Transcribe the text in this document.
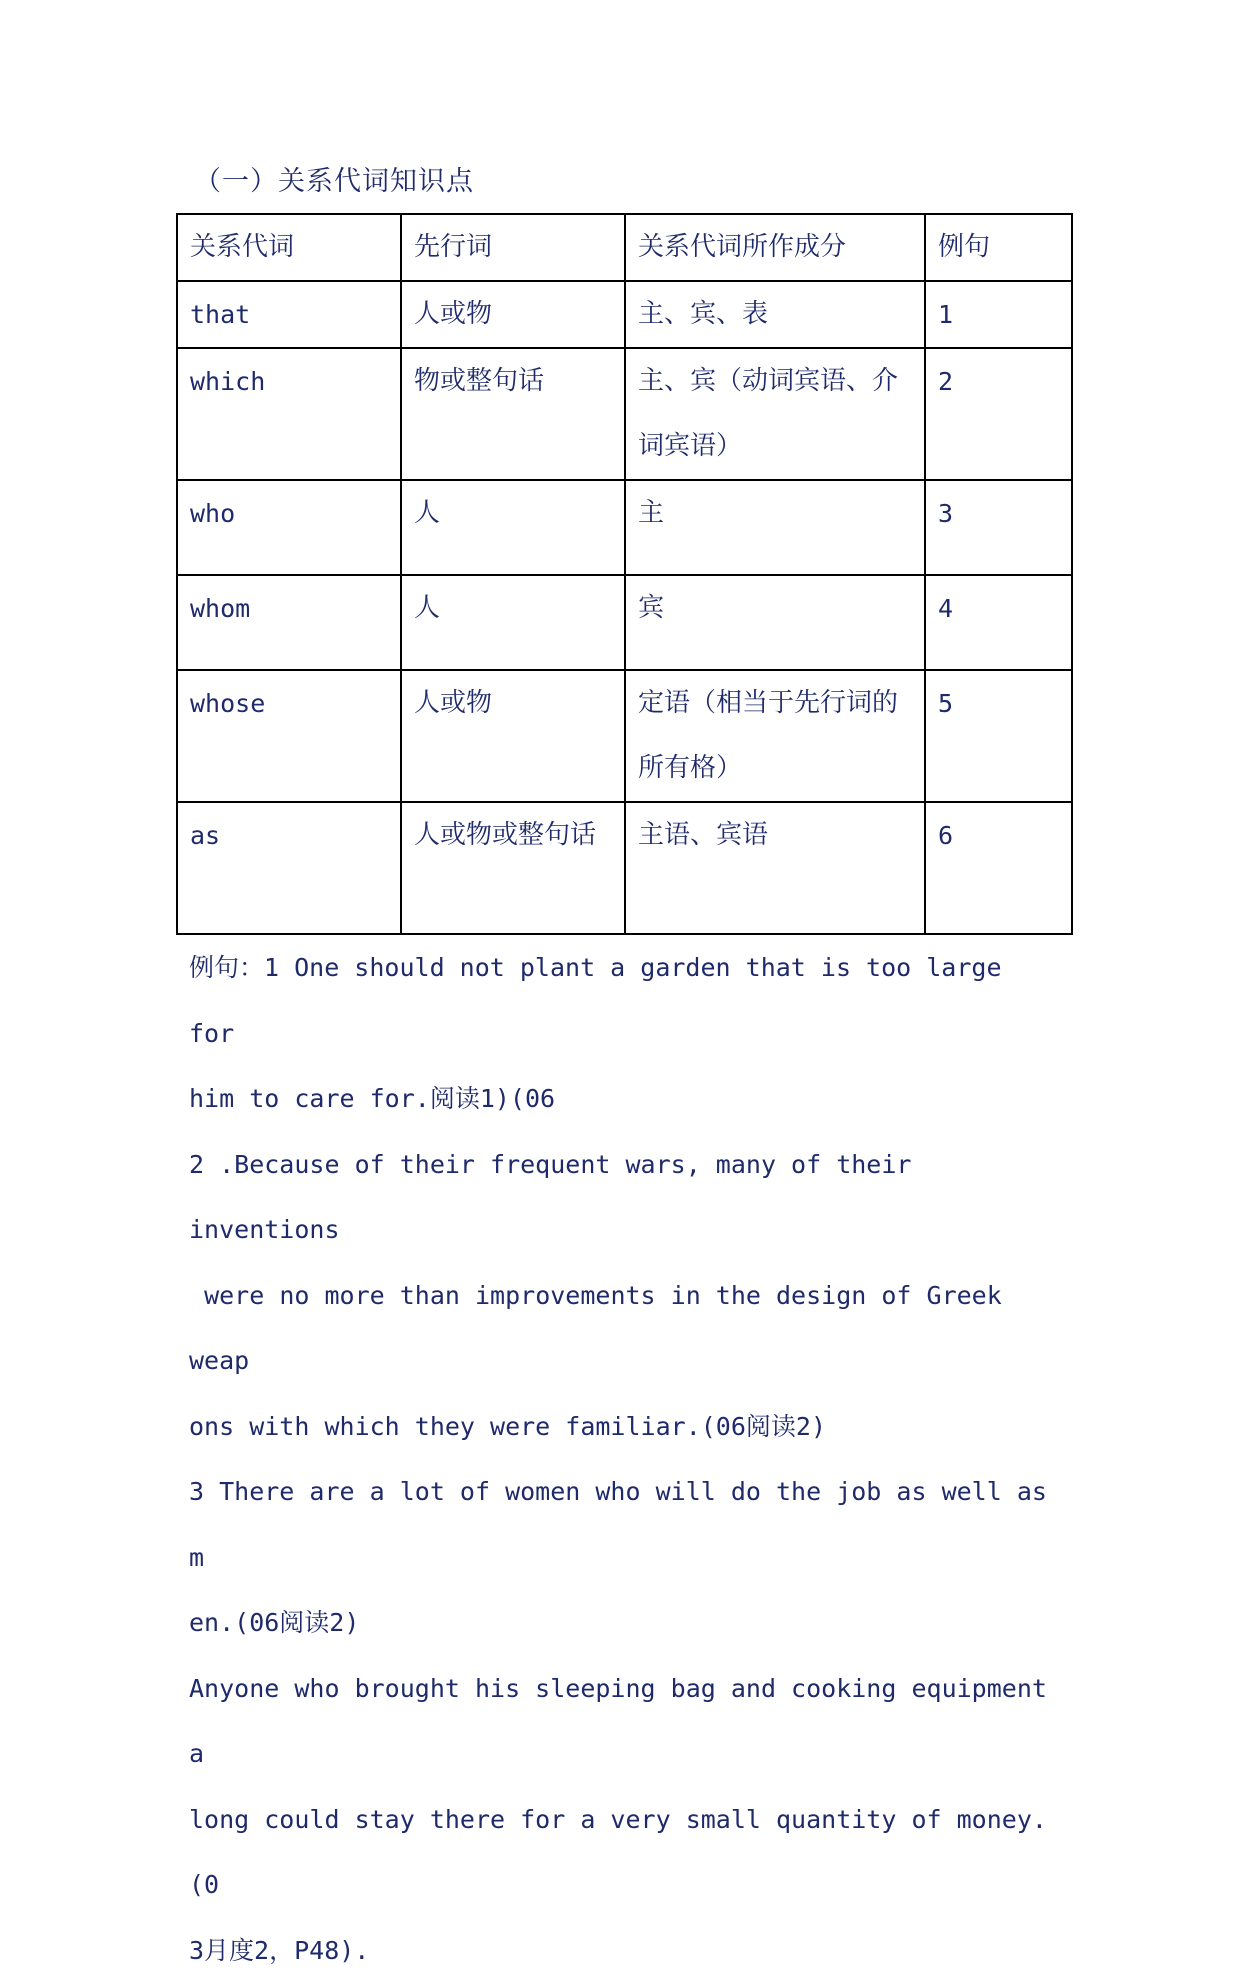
（一）关系代词知识点
关系代词	先行词	关系代词所作成分	例句
that	人或物	主、宾、表	1
which	物或整句话	主、宾（动词宾语、介词宾语）	2
who	人	主	3
whom	人	宾	4
whose	人或物	定语（相当于先行词的所有格）	5
as	人或物或整句话	主语、宾语	6

例句：1 One should not plant a garden that is too large for

him to care for.阅读1)(06

2 .Because of their frequent wars, many of their inventions

were no more than improvements in the design of Greek weap

ons with which they were familiar.(06阅读2)

3 There are a lot of women who will do the job as well as m

en.(06阅读2)

Anyone who brought his sleeping bag and cooking equipment a

long could stay there for a very small quantity of money.(0

3月度2，P48).
